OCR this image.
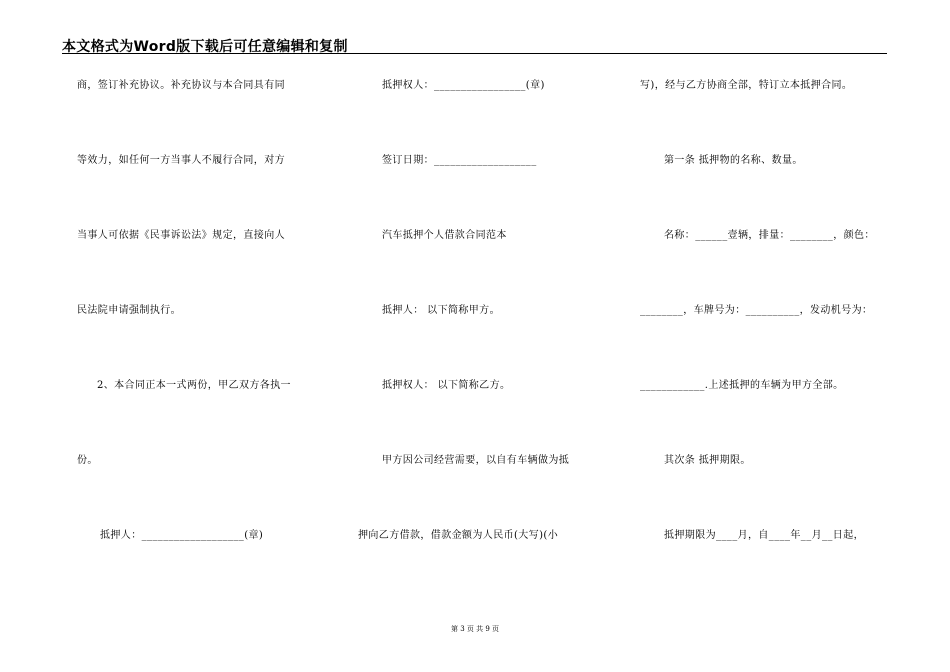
本文格式为Word版下载后可任意编辑和复制
商，签订补充协议。补充协议与本合同具有同
等效力，如任何一方当事人不履行合同，对方
当事人可依据《民事诉讼法》规定，直接向人
民法院申请强制执行。
2、本合同正本一式两份，甲乙双方各执一
份。
抵押人：___________________(章)
抵押权人：_________________(章)
签订日期：___________________
汽车抵押个人借款合同范本
抵押人： 以下简称甲方。
抵押权人： 以下简称乙方。
甲方因公司经营需要，以自有车辆做为抵
押向乙方借款，借款金额为人民币(大写)(小
写)，经与乙方协商全部，特订立本抵押合同。
第一条 抵押物的名称、数量。
名称：______壹辆，排量：________，颜色：
________，车牌号为：__________，发动机号为：
____________.上述抵押的车辆为甲方全部。
其次条 抵押期限。
抵押期限为____月，自____年__月__日起，
第 3 页 共 9 页
